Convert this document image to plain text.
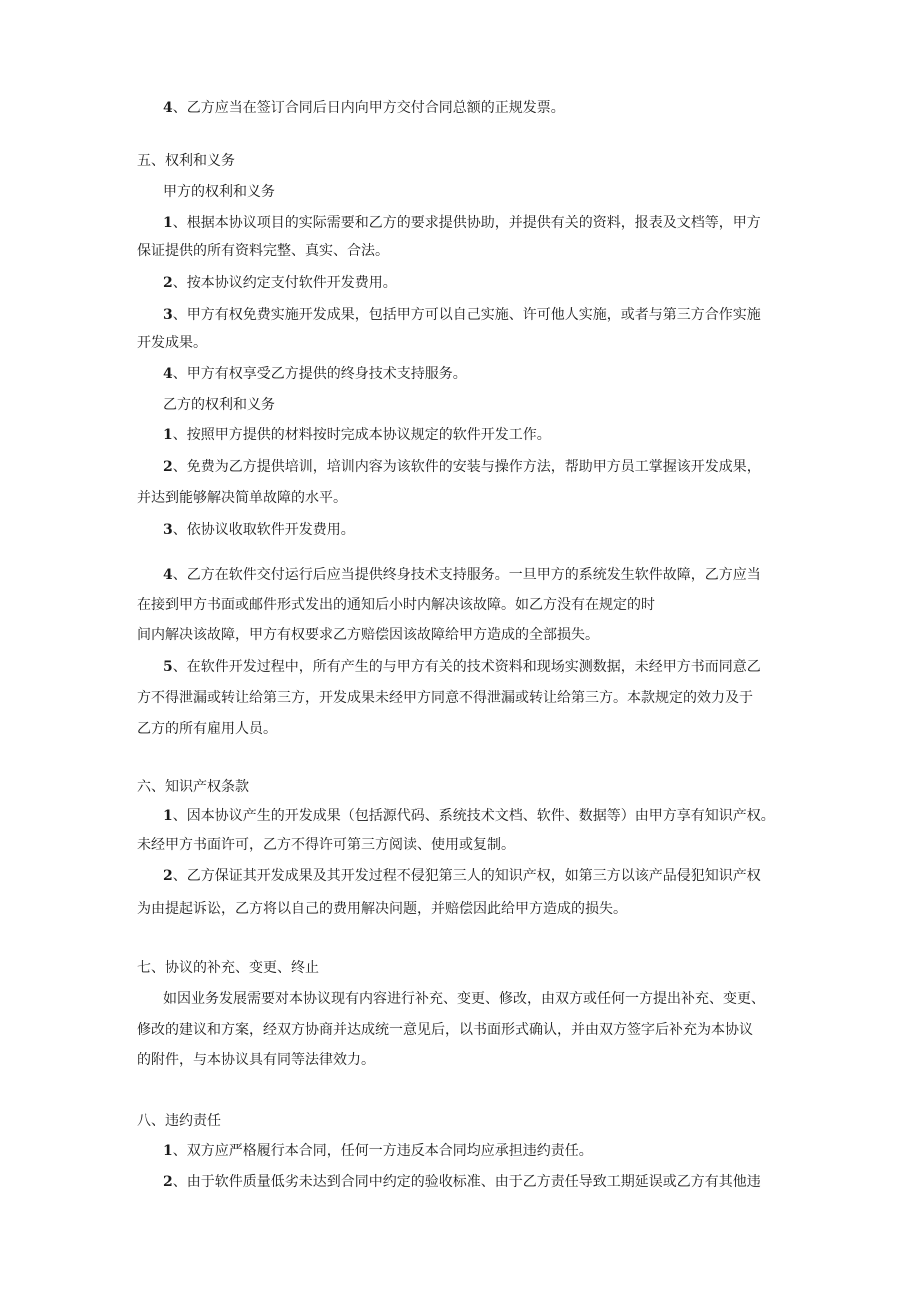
4、乙方应当在签订合同后日内向甲方交付合同总额的正规发票。
五、权利和义务
甲方的权利和义务
1、根据本协议项目的实际需要和乙方的要求提供协助，并提供有关的资料，报表及文档等，甲方
保证提供的所有资料完整、真实、合法。
2、按本协议约定支付软件开发费用。
3、甲方有权免费实施开发成果，包括甲方可以自己实施、许可他人实施，或者与第三方合作实施
开发成果。
4、甲方有权享受乙方提供的终身技术支持服务。
乙方的权利和义务
1、按照甲方提供的材料按时完成本协议规定的软件开发工作。
2、免费为乙方提供培训，培训内容为该软件的安装与操作方法，帮助甲方员工掌握该开发成果，
并达到能够解决简单故障的水平。
3、依协议收取软件开发费用。
4、乙方在软件交付运行后应当提供终身技术支持服务。一旦甲方的系统发生软件故障，乙方应当
在接到甲方书面或邮件形式发出的通知后小时内解决该故障。如乙方没有在规定的时
间内解决该故障，甲方有权要求乙方赔偿因该故障给甲方造成的全部损失。
5、在软件开发过程中，所有产生的与甲方有关的技术资料和现场实测数据，未经甲方书而同意乙
方不得泄漏或转让给第三方，开发成果未经甲方同意不得泄漏或转让给第三方。本款规定的效力及于
乙方的所有雇用人员。
六、知识产权条款
1、因本协议产生的开发成果（包括源代码、系统技术文档、软件、数据等）由甲方享有知识产权。
未经甲方书面许可，乙方不得许可第三方阅读、使用或复制。
2、乙方保证其开发成果及其开发过程不侵犯第三人的知识产权，如第三方以该产品侵犯知识产权
为由提起诉讼，乙方将以自己的费用解决问题，并赔偿因此给甲方造成的损失。
七、协议的补充、变更、终止
如因业务发展需要对本协议现有内容进行补充、变更、修改，由双方或任何一方提出补充、变更、
修改的建议和方案，经双方协商并达成统一意见后，以书面形式确认，并由双方签字后补充为本协议
的附件，与本协议具有同等法律效力。
八、违约责任
1、双方应严格履行本合同，任何一方违反本合同均应承担违约责任。
2、由于软件质量低劣未达到合同中约定的验收标准、由于乙方责任导致工期延误或乙方有其他违
